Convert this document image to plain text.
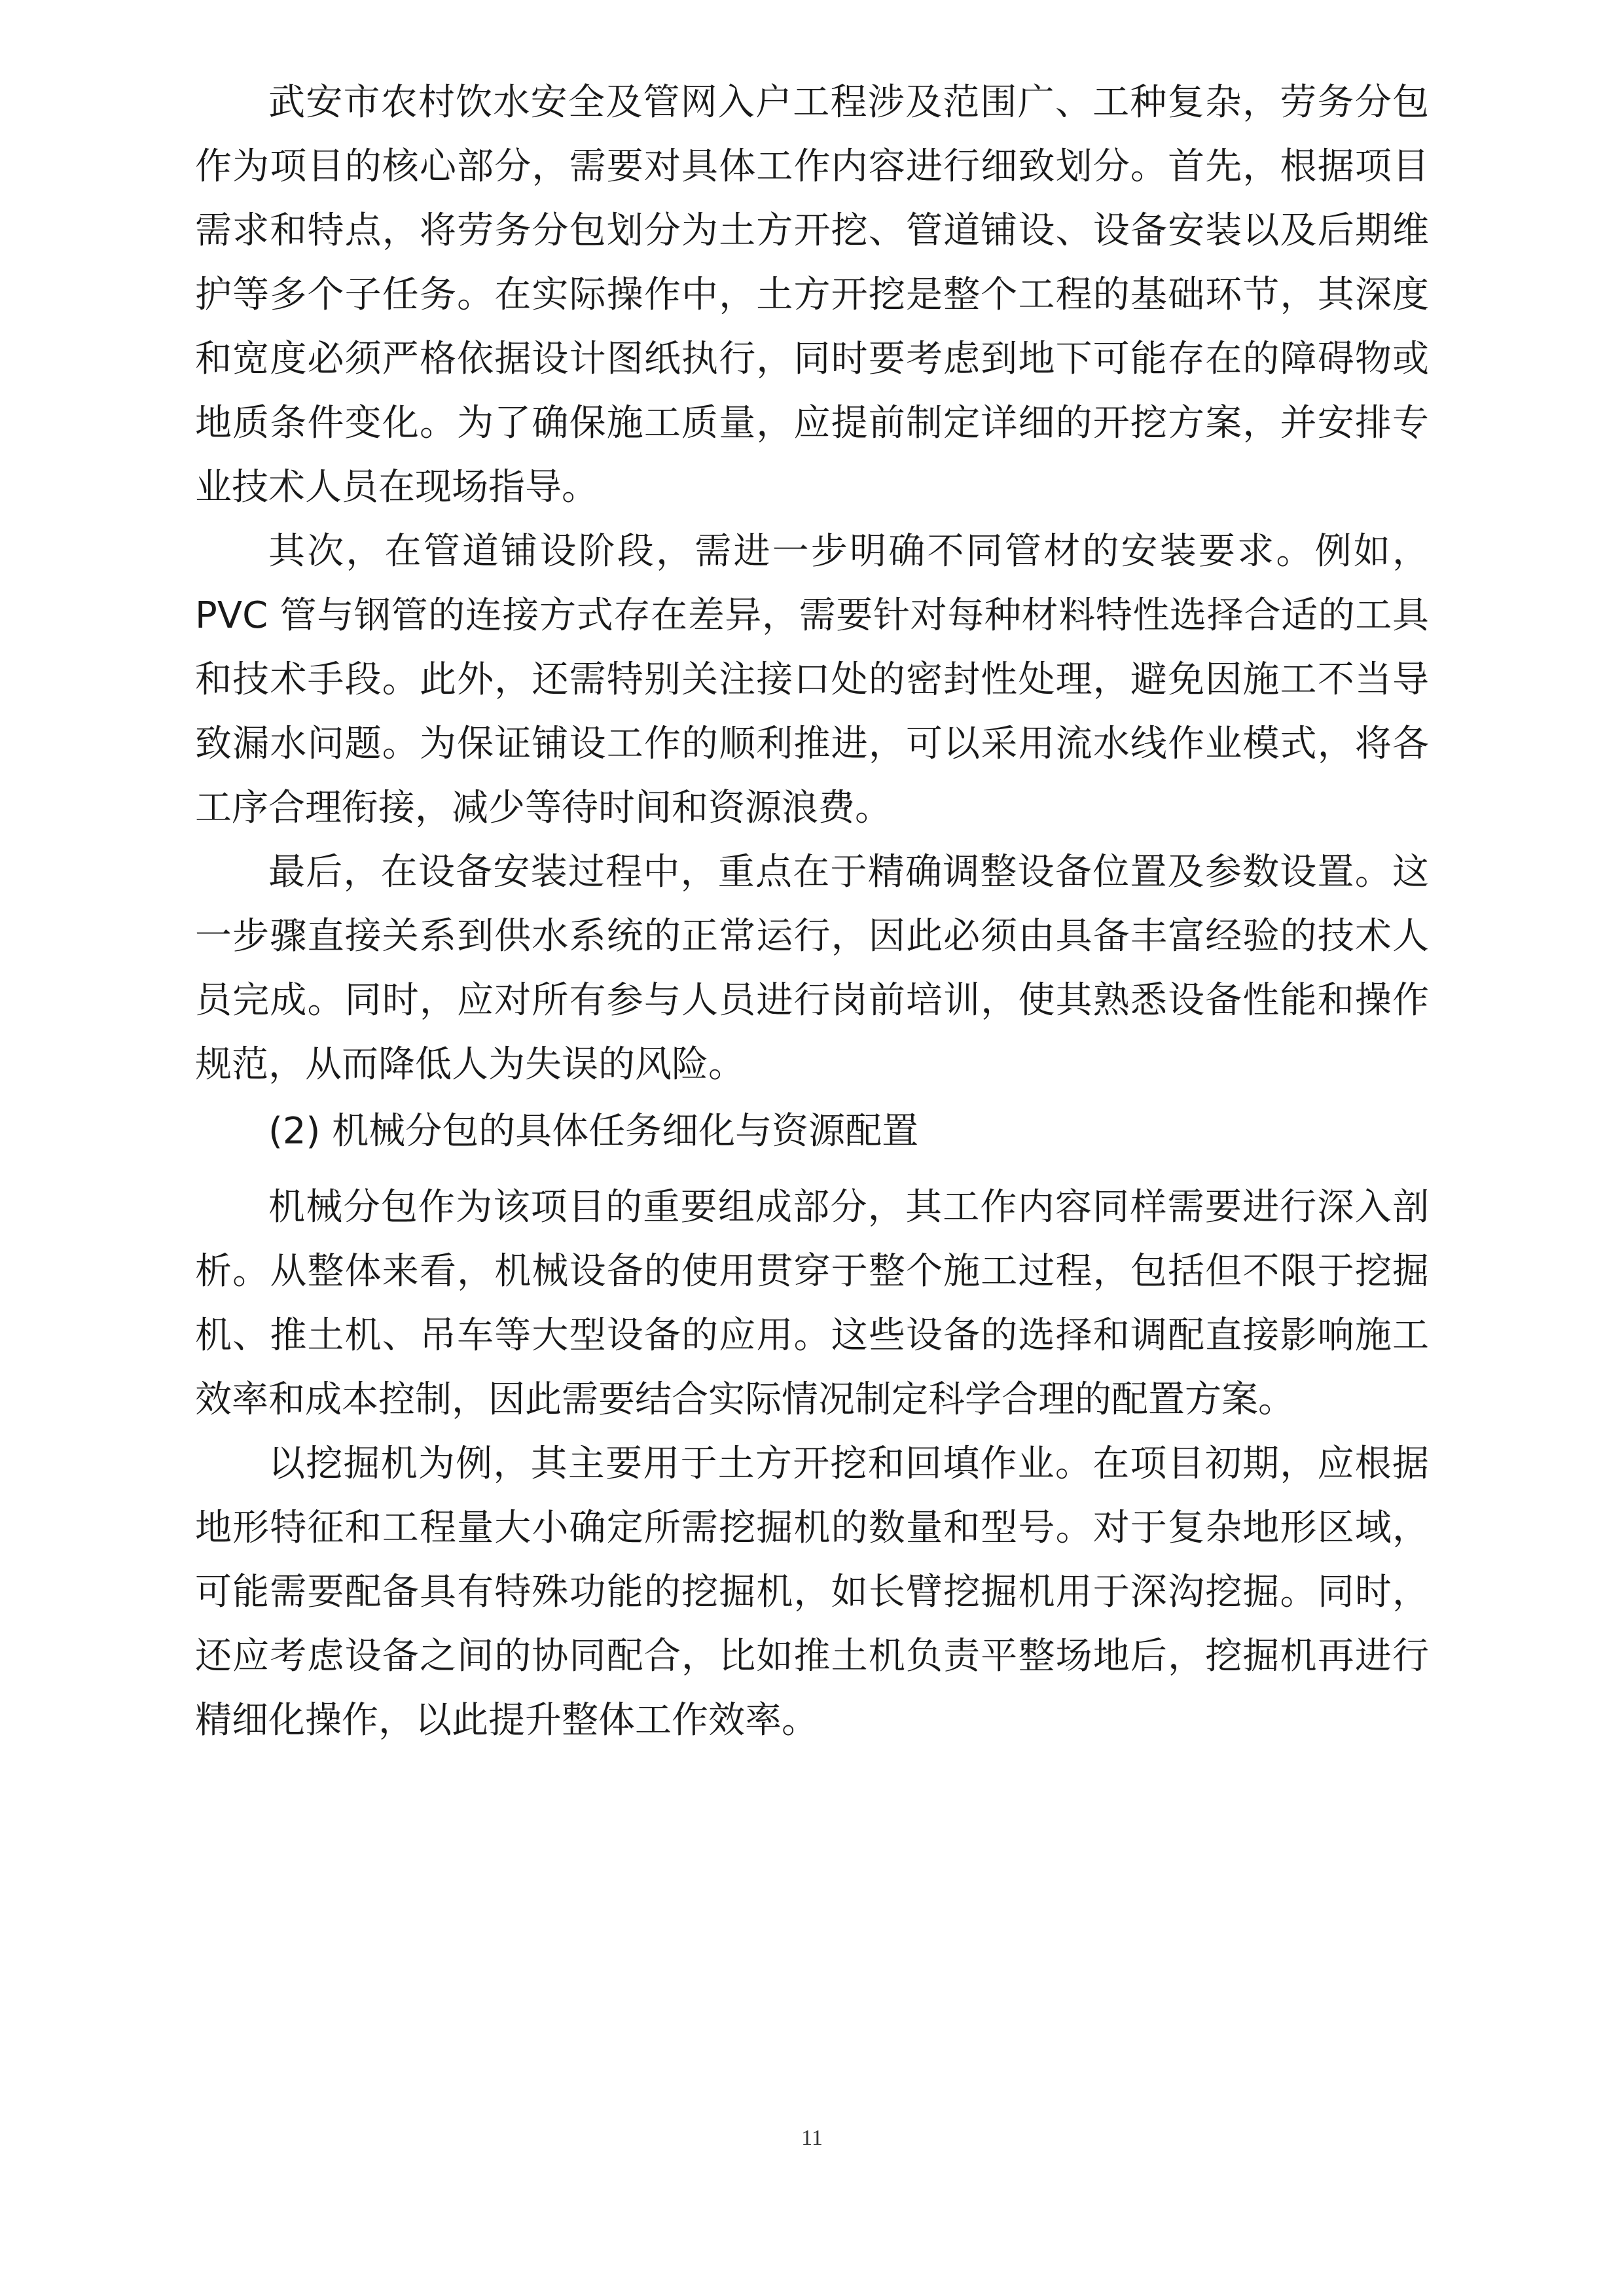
武安市农村饮水安全及管网入户工程涉及范围广、工种复杂，劳务分包作为项目的核心部分，需要对具体工作内容进行细致划分。首先，根据项目需求和特点，将劳务分包划分为土方开挖、管道铺设、设备安装以及后期维护等多个子任务。在实际操作中，土方开挖是整个工程的基础环节，其深度和宽度必须严格依据设计图纸执行，同时要考虑到地下可能存在的障碍物或地质条件变化。为了确保施工质量，应提前制定详细的开挖方案，并安排专业技术人员在现场指导。

其次，在管道铺设阶段，需进一步明确不同管材的安装要求。例如，PVC 管与钢管的连接方式存在差异，需要针对每种材料特性选择合适的工具和技术手段。此外，还需特别关注接口处的密封性处理，避免因施工不当导致漏水问题。为保证铺设工作的顺利推进，可以采用流水线作业模式，将各工序合理衔接，减少等待时间和资源浪费。

最后，在设备安装过程中，重点在于精确调整设备位置及参数设置。这一步骤直接关系到供水系统的正常运行，因此必须由具备丰富经验的技术人员完成。同时，应对所有参与人员进行岗前培训，使其熟悉设备性能和操作规范，从而降低人为失误的风险。

(2) 机械分包的具体任务细化与资源配置

机械分包作为该项目的重要组成部分，其工作内容同样需要进行深入剖析。从整体来看，机械设备的使用贯穿于整个施工过程，包括但不限于挖掘机、推土机、吊车等大型设备的应用。这些设备的选择和调配直接影响施工效率和成本控制，因此需要结合实际情况制定科学合理的配置方案。

以挖掘机为例，其主要用于土方开挖和回填作业。在项目初期，应根据地形特征和工程量大小确定所需挖掘机的数量和型号。对于复杂地形区域，可能需要配备具有特殊功能的挖掘机，如长臂挖掘机用于深沟挖掘。同时，还应考虑设备之间的协同配合，比如推土机负责平整场地后，挖掘机再进行精细化操作，以此提升整体工作效率。

11
